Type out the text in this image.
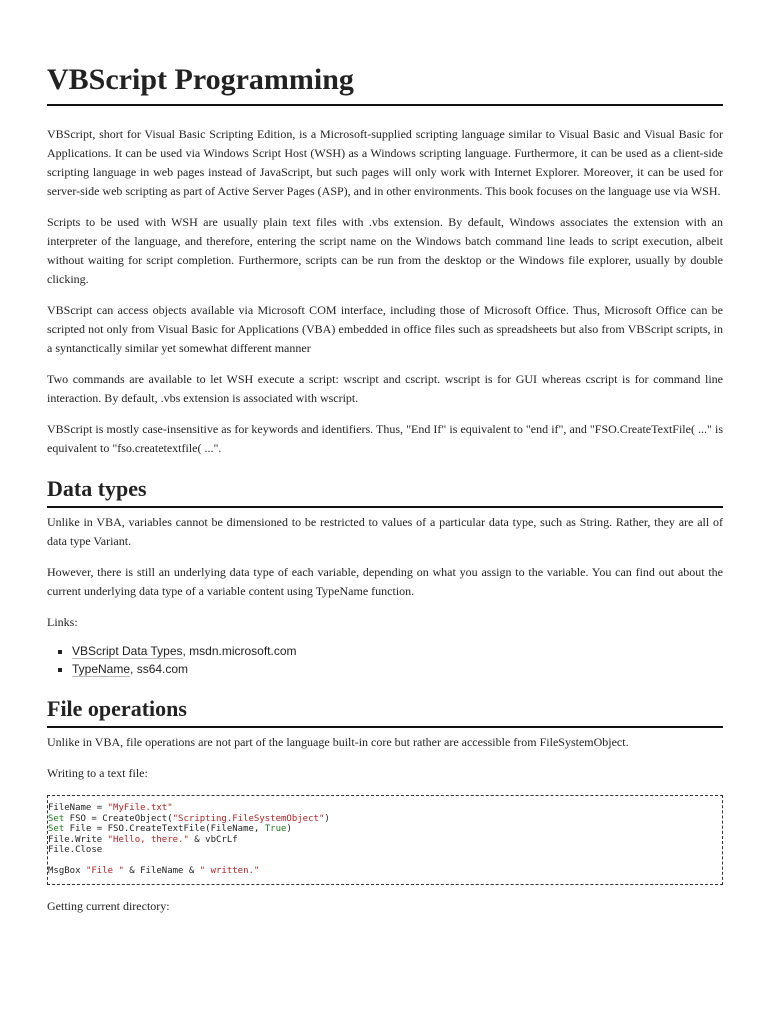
VBScript Programming

VBScript, short for Visual Basic Scripting Edition, is a Microsoft-supplied scripting language similar to Visual Basic and Visual Basic for Applications. It can be used via Windows Script Host (WSH) as a Windows scripting language. Furthermore, it can be used as a client-side scripting language in web pages instead of JavaScript, but such pages will only work with Internet Explorer. Moreover, it can be used for server-side web scripting as part of Active Server Pages (ASP), and in other environments. This book focuses on the language use via WSH.

Scripts to be used with WSH are usually plain text files with .vbs extension. By default, Windows associates the extension with an interpreter of the language, and therefore, entering the script name on the Windows batch command line leads to script execution, albeit without waiting for script completion. Furthermore, scripts can be run from the desktop or the Windows file explorer, usually by double clicking.

VBScript can access objects available via Microsoft COM interface, including those of Microsoft Office. Thus, Microsoft Office can be scripted not only from Visual Basic for Applications (VBA) embedded in office files such as spreadsheets but also from VBScript scripts, in a syntanctically similar yet somewhat different manner

Two commands are available to let WSH execute a script: wscript and cscript. wscript is for GUI whereas cscript is for command line interaction. By default, .vbs extension is associated with wscript.

VBScript is mostly case-insensitive as for keywords and identifiers. Thus, "End If" is equivalent to "end if", and "FSO.CreateTextFile( ..." is equivalent to "fso.createtextfile( ...".

Data types

Unlike in VBA, variables cannot be dimensioned to be restricted to values of a particular data type, such as String. Rather, they are all of data type Variant.

However, there is still an underlying data type of each variable, depending on what you assign to the variable. You can find out about the current underlying data type of a variable content using TypeName function.

Links:

▪ VBScript Data Types, msdn.microsoft.com
▪ TypeName, ss64.com
File operations

Unlike in VBA, file operations are not part of the language built-in core but rather are accessible from FileSystemObject.

Writing to a text file:

FileName = "MyFile.txt"
Set FSO = CreateObject("Scripting.FileSystemObject")
Set File = FSO.CreateTextFile(FileName, True)
File.Write "Hello, there." & vbCrLf
File.Close

MsgBox "File " & FileName & " written."

Getting current directory:
